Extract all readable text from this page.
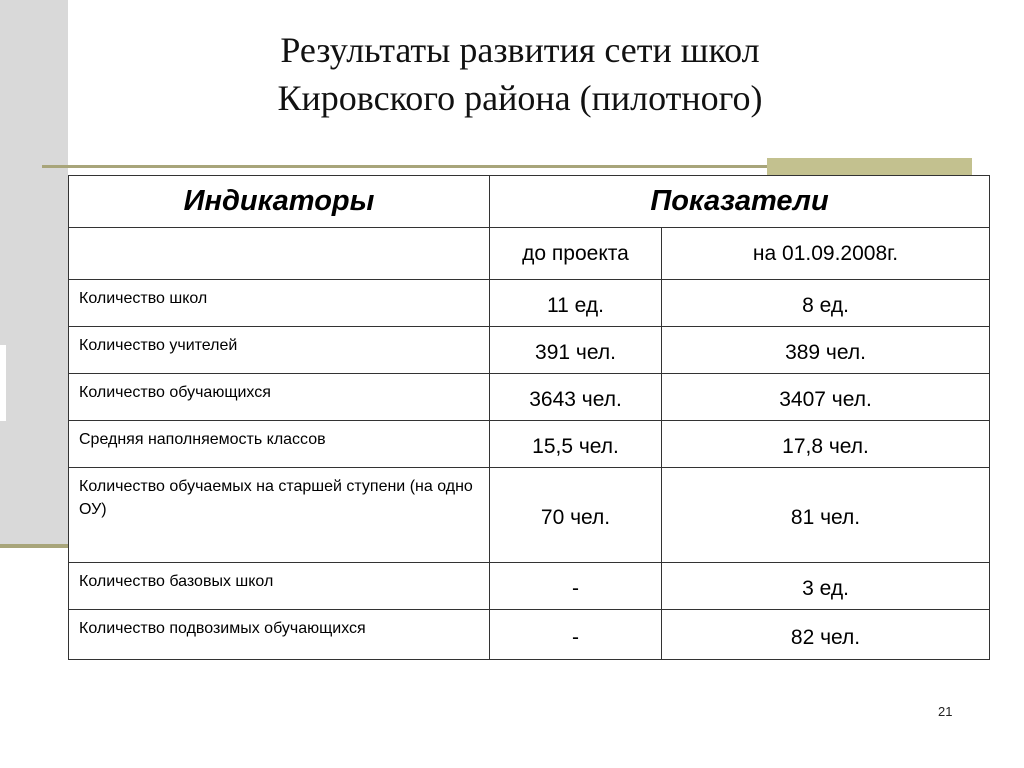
Результаты развития сети школ
Кировского района (пилотного)
Индикаторы	Показатели	
	до проекта	на 01.09.2008г.
Количество школ	11 ед.	8 ед.
Количество учителей	391 чел.	389 чел.
Количество обучающихся	3643 чел.	3407 чел.
Средняя наполняемость классов	15,5 чел.	17,8 чел.
Количество обучаемых на старшей ступени (на одно ОУ)	70 чел.	81 чел.
Количество базовых школ	-	3 ед.
Количество подвозимых обучающихся	-	82 чел.
21
